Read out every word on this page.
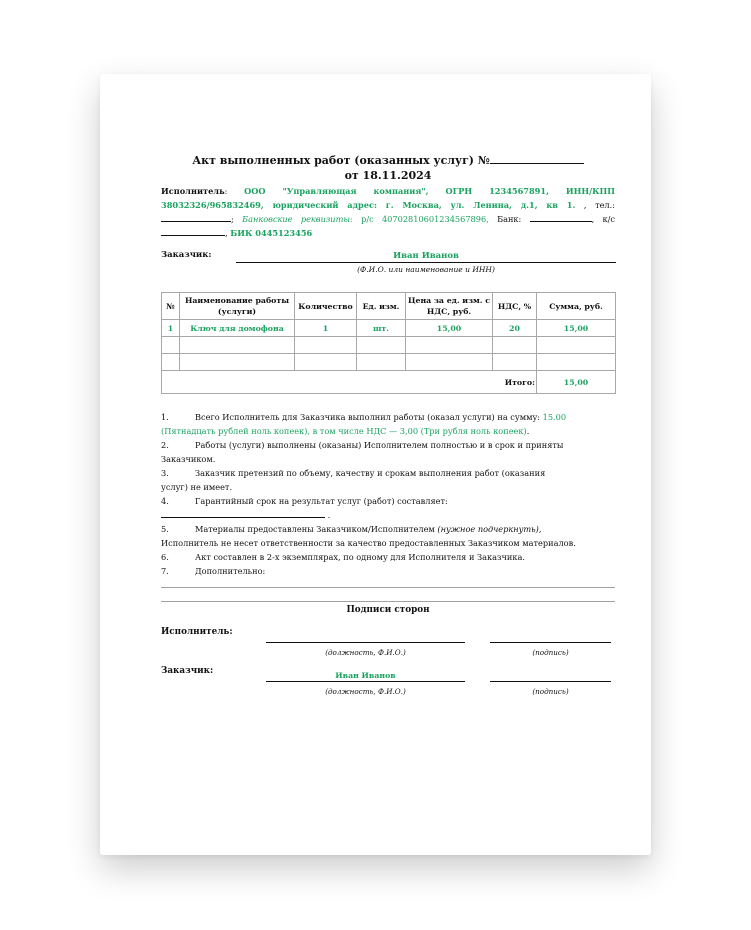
Акт выполненных работ (оказанных услуг) №
от 18.11.2024
Исполнитель: ООО "Управляющая компания", ОГРН 1234567891, ИНН/КПП 38032326/965832469, юридический адрес: г. Москва, ул. Ленина, д.1, кв 1. , тел.:; Банковские реквизиты: р/с 40702810601234567896, Банк:	, к/с , БИК 0445123456
Заказчик:	Иван Иванов
(Ф.И.О. или наименование и ИНН)
№	Наименование работы (услуги)	Количество	Ед. изм.	Цена за ед. изм. с НДС, руб.	НДС, %	Сумма, руб.
1	Ключ для домофона	1	шт.	15,00	20	15,00

Итого:						15,00
1.	Всего Исполнитель для Заказчика выполнил работы (оказал услуги) на сумму: 15.00
(Пятнадцать рублей ноль копеек), в том числе НДС — 3,00 (Три рубля ноль копеек).
2.	Работы (услуги) выполнены (оказаны) Исполнителем полностью и в срок и приняты
Заказчиком.
3.	Заказчик претензий по объему, качеству и срокам выполнения работ (оказания
услуг) не имеет.
4.	Гарантийный срок на результат услуг (работ) составляет:
.
5.	Материалы предоставлены Заказчиком/Исполнителем (нужное подчеркнуть),
Исполнитель не несет ответственности за качество предоставленных Заказчиком материалов.
6.	Акт составлен в 2-х экземплярах, по одному для Исполнителя и Заказчика.
7.	Дополнительно:
Подписи сторон
Исполнитель:
(должность, Ф.И.О.)	(подпись)
Заказчик:	Иван Иванов
(должность, Ф.И.О.)	(подпись)
